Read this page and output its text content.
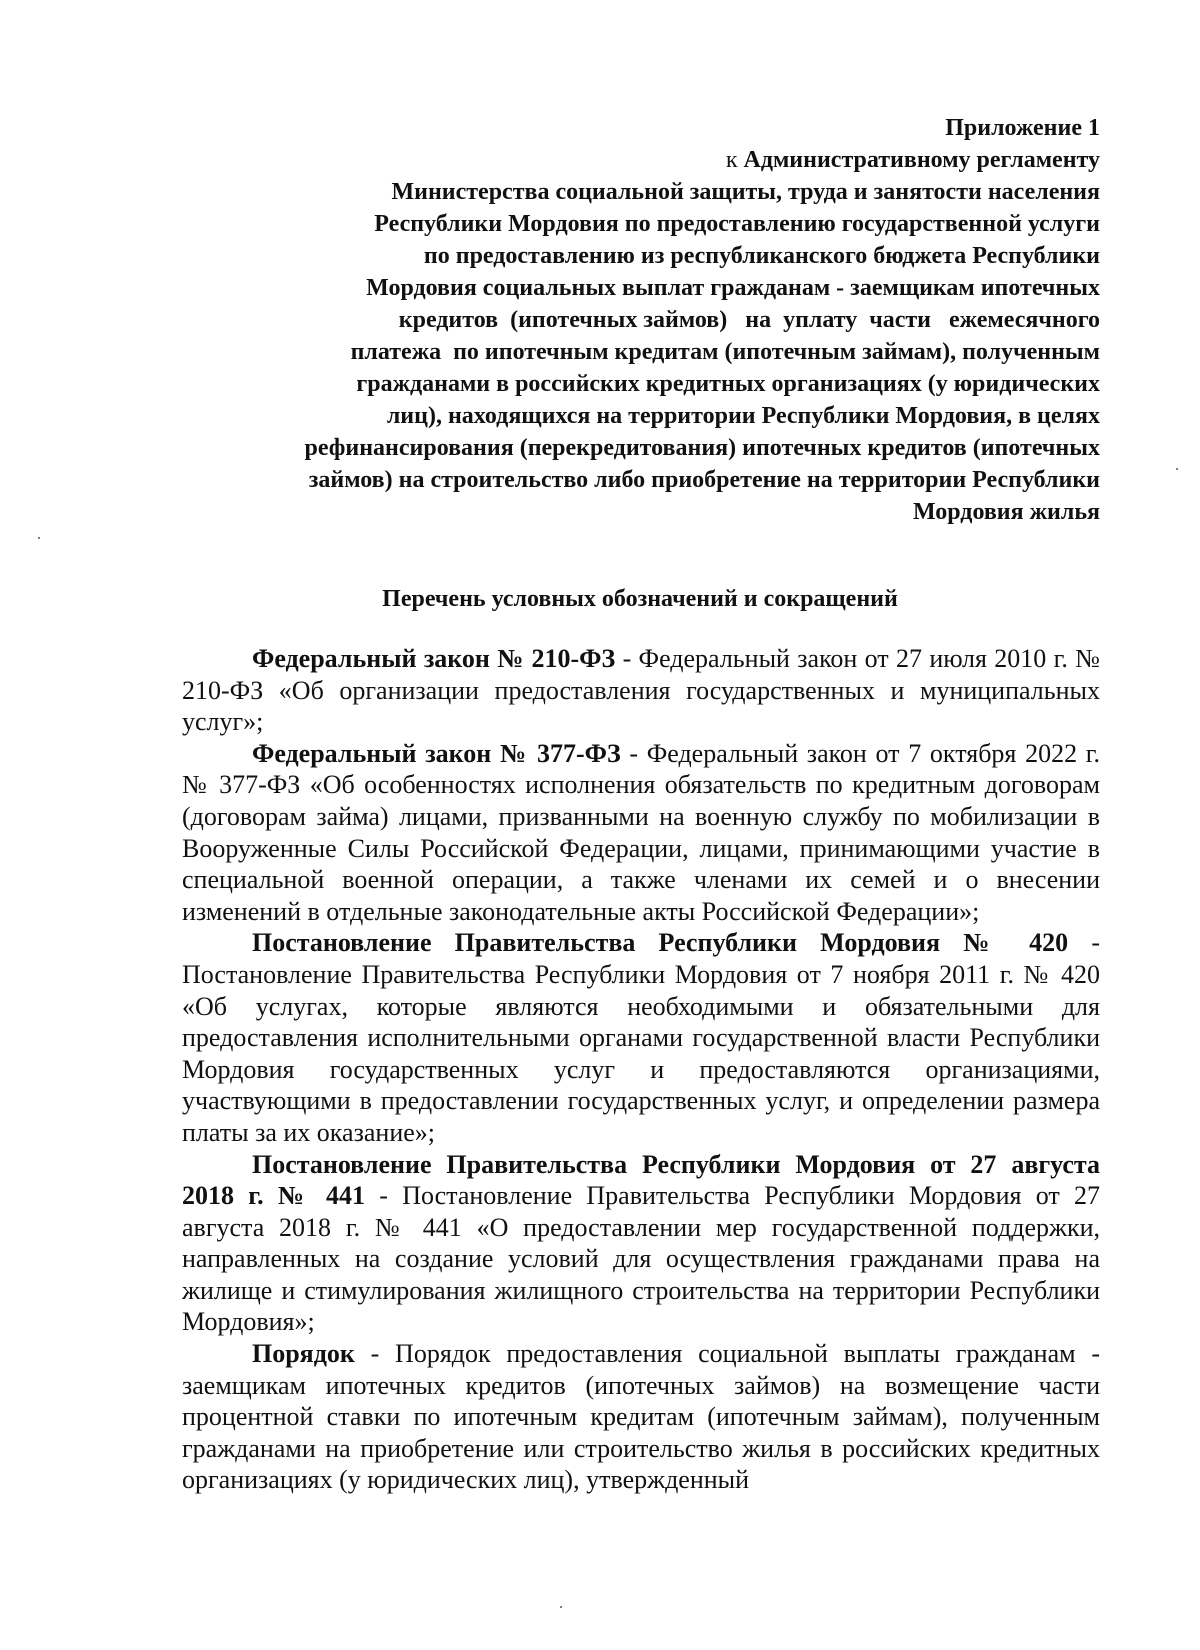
Приложение 1
к Административному регламенту
Министерства социальной защиты, труда и занятости населения
Республики Мордовия по предоставлению государственной услуги
по предоставлению из республиканского бюджета Республики
Мордовия социальных выплат гражданам - заемщикам ипотечных
кредитов  (ипотечных займов)   на  уплату  части   ежемесячного
платежа  по ипотечным кредитам (ипотечным займам), полученным
гражданами в российских кредитных организациях (у юридических
лиц), находящихся на территории Республики Мордовия, в целях
рефинансирования (перекредитования) ипотечных кредитов (ипотечных
займов) на строительство либо приобретение на территории Республики
Мордовия жилья
Перечень условных обозначений и сокращений

Федеральный закон № 210-ФЗ - Федеральный закон от 27 июля 2010 г. № 210-ФЗ «Об организации предоставления государственных и муниципальных услуг»;

Федеральный закон № 377-ФЗ - Федеральный закон от 7 октября 2022 г. № 377-ФЗ «Об особенностях исполнения обязательств по кредитным договорам (договорам займа) лицами, призванными на военную службу по мобилизации в Вооруженные Силы Российской Федерации, лицами, принимающими участие в специальной военной операции, а также членами их семей и о внесении изменений в отдельные законодательные акты Российской Федерации»;

Постановление Правительства Республики Мордовия № 420 - Постановление Правительства Республики Мордовия от 7 ноября 2011 г. № 420 «Об услугах, которые являются необходимыми и обязательными для предоставления исполнительными органами государственной власти Республики Мордовия государственных услуг и предоставляются организациями, участвующими в предоставлении государственных услуг, и определении размера платы за их оказание»;

Постановление Правительства Республики Мордовия от 27 августа 2018 г. № 441 - Постановление Правительства Республики Мордовия от 27 августа 2018 г. № 441 «О предоставлении мер государственной поддержки, направленных на создание условий для осуществления гражданами права на жилище и стимулирования жилищного строительства на территории Республики Мордовия»;

Порядок - Порядок предоставления социальной выплаты гражданам - заемщикам ипотечных кредитов (ипотечных займов) на возмещение части процентной ставки по ипотечным кредитам (ипотечным займам), полученным гражданами на приобретение или строительство жилья в российских кредитных организациях (у юридических лиц), утвержденный
